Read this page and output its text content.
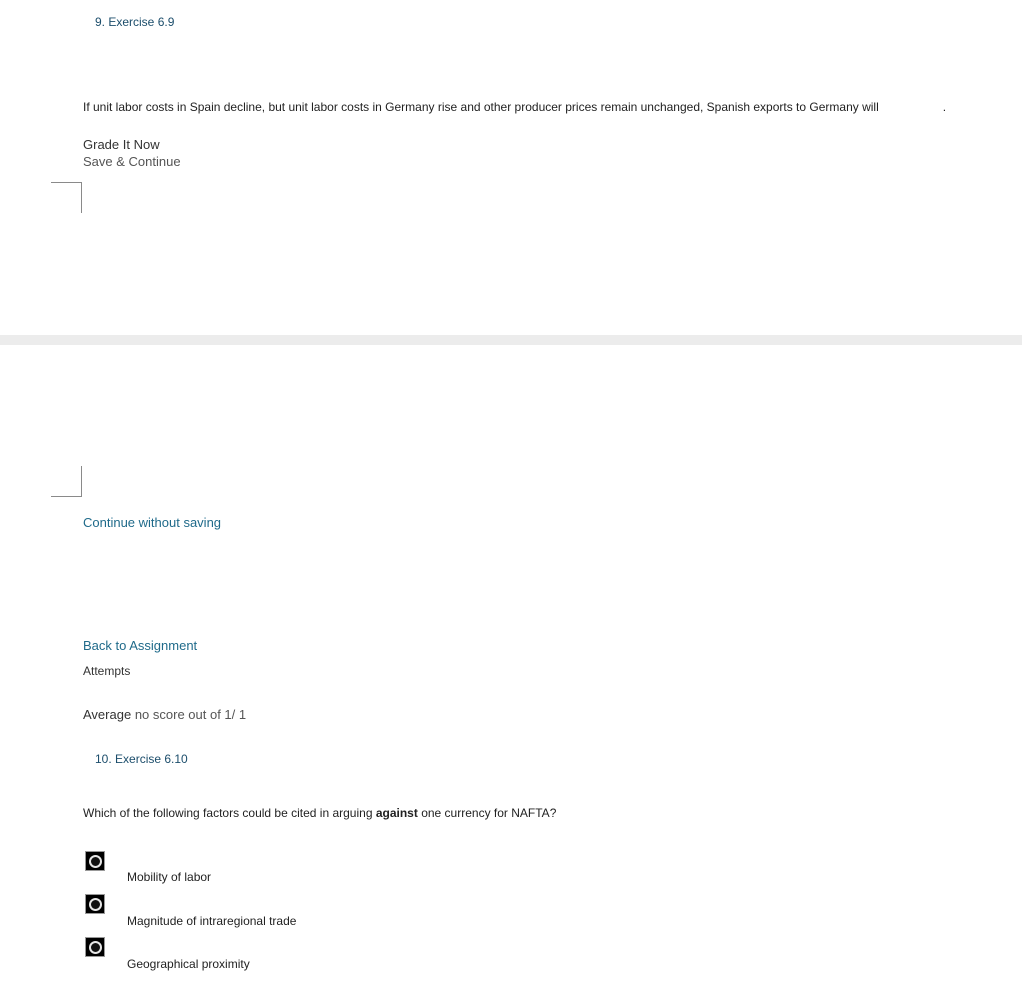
9. Exercise 6.9
If unit labor costs in Spain decline, but unit labor costs in Germany rise and other producer prices remain unchanged, Spanish exports to Germany will	.
Grade It Now
Save & Continue
Continue without saving
Back to Assignment
Attempts
Average no score out of 1/ 1
10. Exercise 6.10
Which of the following factors could be cited in arguing against one currency for NAFTA?
Mobility of labor
Magnitude of intraregional trade
Geographical proximity
